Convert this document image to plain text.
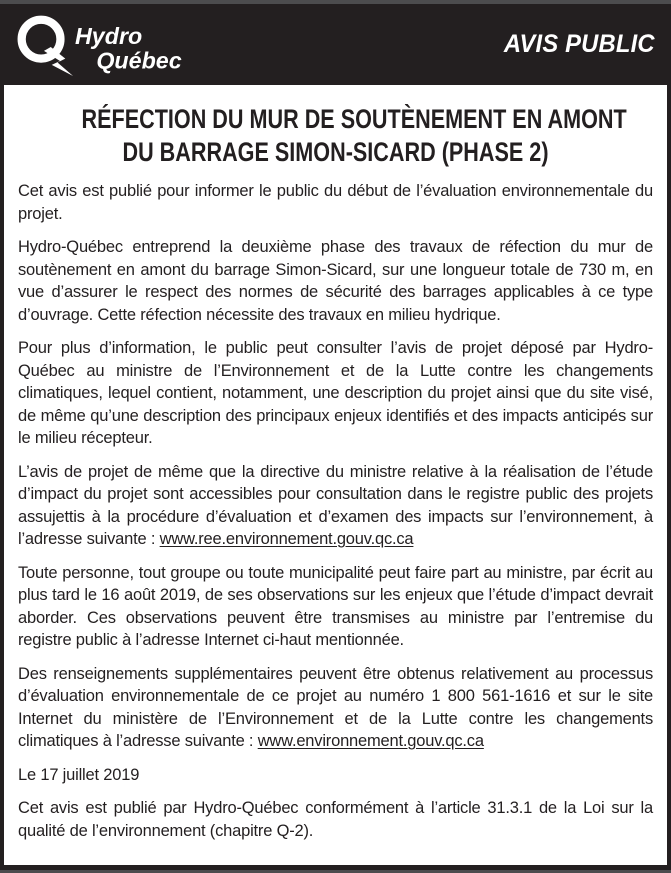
Hydro
Québec
AVIS PUBLIC
RÉFECTION DU MUR DE SOUTÈNEMENT EN AMONT
DU BARRAGE SIMON-SICARD (PHASE 2)

Cet avis est publié pour informer le public du début de l’évaluation environnementale du projet.

Hydro-Québec entreprend la deuxième phase des travaux de réfection du mur de soutènement en amont du barrage Simon-Sicard, sur une longueur totale de 730 m, en vue d’assurer le respect des normes de sécurité des barrages applicables à ce type d’ouvrage. Cette réfection nécessite des travaux en milieu hydrique.

Pour plus d’information, le public peut consulter l’avis de projet déposé par Hydro-Québec au ministre de l’Environnement et de la Lutte contre les changements climatiques, lequel contient, notamment, une description du projet ainsi que du site visé, de même qu’une description des principaux enjeux identifiés et des impacts anticipés sur le milieu récepteur.

L’avis de projet de même que la directive du ministre relative à la réalisation de l’étude d’impact du projet sont accessibles pour consultation dans le registre public des projets assujettis à la procédure d’évaluation et d’examen des impacts sur l’environnement, à l’adresse suivante : www.ree.environnement.gouv.qc.ca

Toute personne, tout groupe ou toute municipalité peut faire part au ministre, par écrit au plus tard le 16 août 2019, de ses observations sur les enjeux que l’étude d’impact devrait aborder. Ces observations peuvent être transmises au ministre par l’entremise du registre public à l’adresse Internet ci-haut mentionnée.

Des renseignements supplémentaires peuvent être obtenus relativement au processus d’évaluation environnementale de ce projet au numéro 1 800 561-1616 et sur le site Internet du ministère de l’Environnement et de la Lutte contre les changements climatiques à l’adresse suivante : www.environnement.gouv.qc.ca

Le 17 juillet 2019

Cet avis est publié par Hydro-Québec conformément à l’article 31.3.1 de la Loi sur la qualité de l’environnement (chapitre Q-2).
